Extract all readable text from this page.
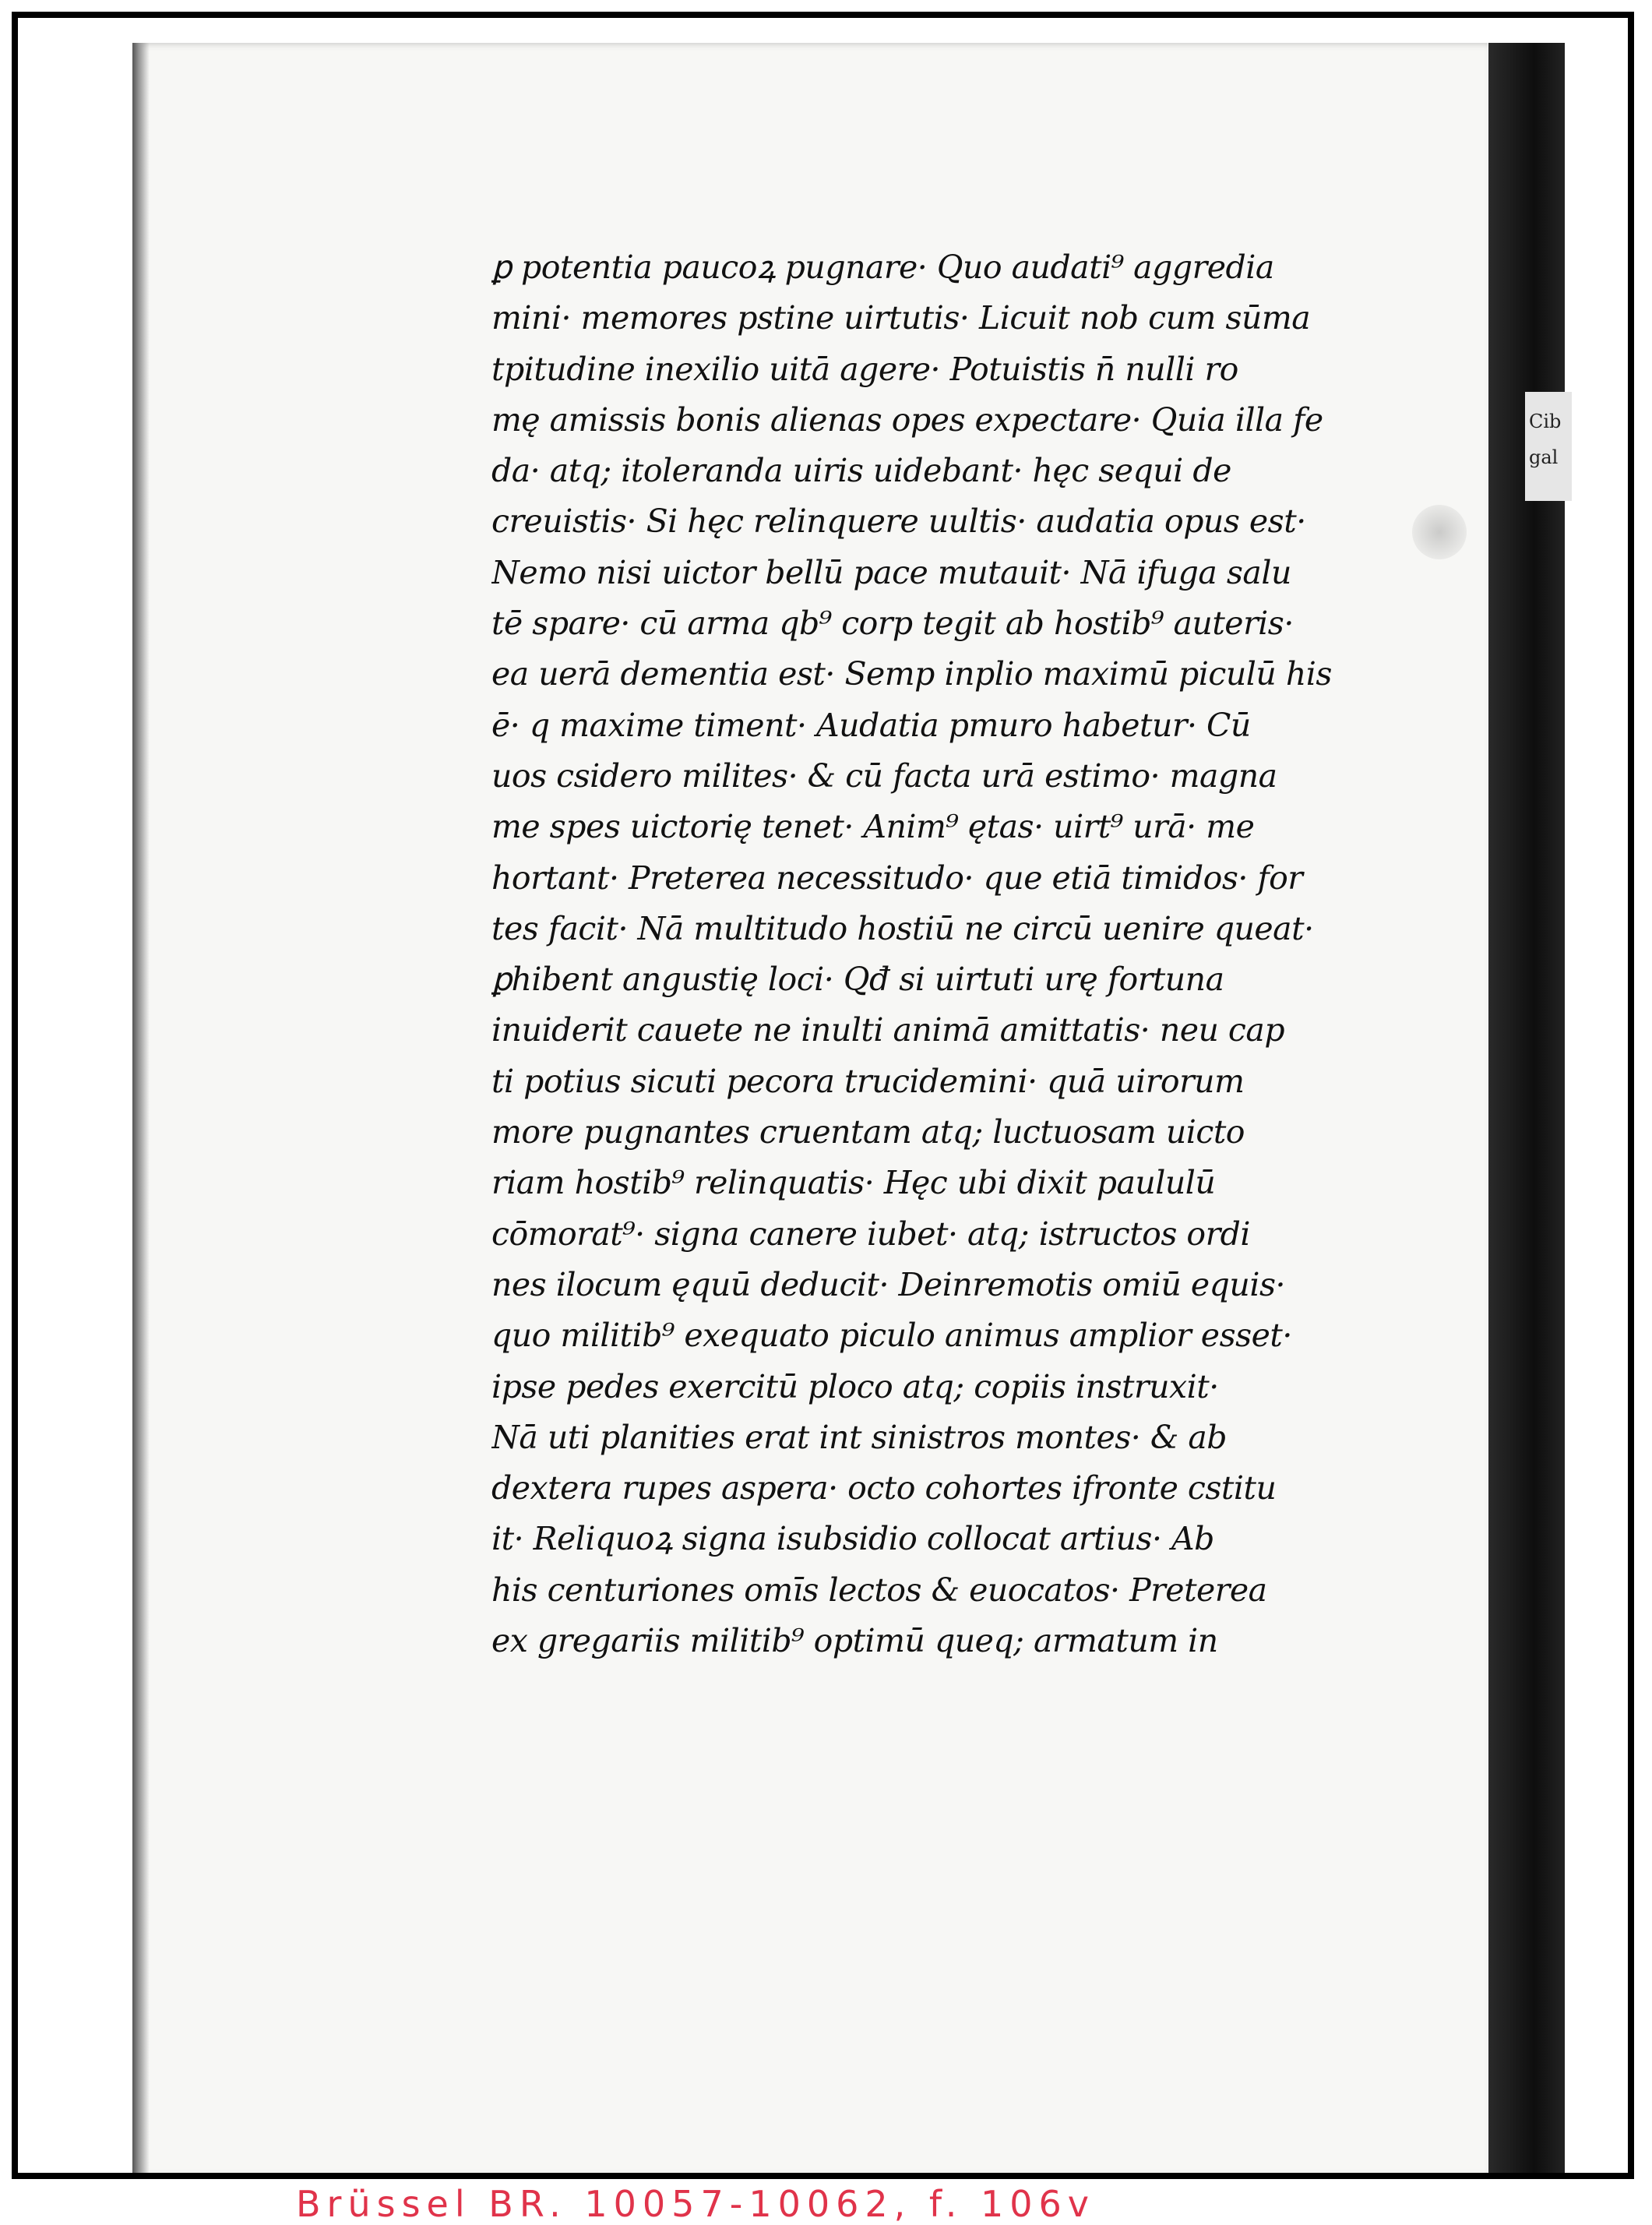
Cib
gal
ꝑ potentia paucoꝝ pugnare· Quo audati⁹ aggredia
mini· memores pstine uirtutis· Licuit nob cum sūma
tpitudine inexilio uitā agere· Potuistis n̄ nulli ro
mę amissis bonis alienas opes expectare· Quia illa fe
da· atq; itoleranda uiris uidebant· hęc sequi de
creuistis· Si hęc relinquere uultis· audatia opus est·
Nemo nisi uictor bellū pace mutauit· Nā ifuga salu
tē spare· cū arma qb⁹ corp tegit ab hostib⁹ auteris·
ea uerā dementia est· Semp inplio maximū piculū his
ē· q maxime timent· Audatia pmuro habetur· Cū
uos csidero milites· & cū facta urā estimo· magna
me spes uictorię tenet· Anim⁹ ętas· uirt⁹ urā· me
hortant· Preterea necessitudo· que etiā timidos· for
tes facit· Nā multitudo hostiū ne circū uenire queat·
ꝑhibent angustię loci· Qđ si uirtuti urę fortuna
inuiderit cauete ne inulti animā amittatis· neu cap
ti potius sicuti pecora trucidemini· quā uirorum
more pugnantes cruentam atq; luctuosam uicto
riam hostib⁹ relinquatis· Hęc ubi dixit paululū
cōmorat⁹· signa canere iubet· atq; istructos ordi
nes ilocum ęquū deducit· Deinremotis omiū equis·
quo militib⁹ exequato piculo animus amplior esset·
ipse pedes exercitū ploco atq; copiis instruxit·
Nā uti planities erat int sinistros montes· & ab
dextera rupes aspera· octo cohortes ifronte cstitu
it· Reliquoꝝ signa isubsidio collocat artius· Ab
his centuriones omīs lectos & euocatos· Preterea
ex gregariis militib⁹ optimū queq; armatum in
Brüssel BR. 10057-10062, f. 106v
